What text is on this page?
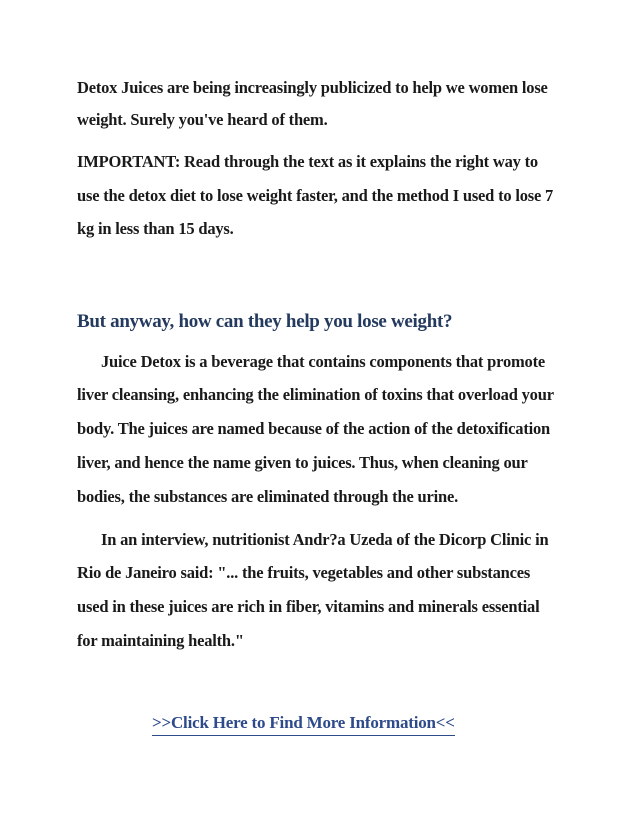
Detox Juices are being increasingly publicized to help we women lose
weight. Surely you've heard of them.
IMPORTANT: Read through the text as it explains the right way to
use the detox diet to lose weight faster, and the method I used to lose 7
kg in less than 15 days.
But anyway, how can they help you lose weight?
Juice Detox is a beverage that contains components that promote
liver cleansing, enhancing the elimination of toxins that overload your
body. The juices are named because of the action of the detoxification
liver, and hence the name given to juices. Thus, when cleaning our
bodies, the substances are eliminated through the urine.
In an interview, nutritionist Andr?a Uzeda of the Dicorp Clinic in
Rio de Janeiro said: "... the fruits, vegetables and other substances
used in these juices are rich in fiber, vitamins and minerals essential
for maintaining health."
>>Click Here to Find More Information<<
